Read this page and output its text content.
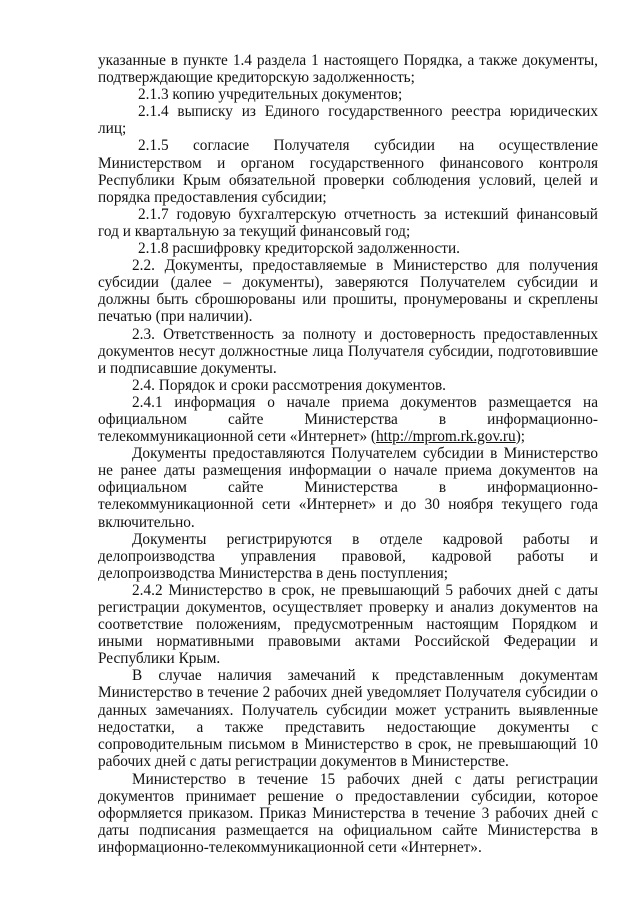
указанные в пункте 1.4 раздела 1 настоящего Порядка, а также документы, подтверждающие кредиторскую задолженность;

2.1.3 копию учредительных документов;

2.1.4 выписку из Единого государственного реестра юридических лиц;

2.1.5 согласие Получателя субсидии на осуществление Министерством и органом государственного финансового контроля Республики Крым обязательной проверки соблюдения условий, целей и порядка предоставления субсидии;

2.1.7 годовую бухгалтерскую отчетность за истекший финансовый год и квартальную за текущий финансовый год;

2.1.8 расшифровку кредиторской задолженности.

2.2. Документы, предоставляемые в Министерство для получения субсидии (далее – документы), заверяются Получателем субсидии и должны быть сброшюрованы или прошиты, пронумерованы и скреплены печатью (при наличии).

2.3. Ответственность за полноту и достоверность предоставленных документов несут должностные лица Получателя субсидии, подготовившие и подписавшие документы.

2.4. Порядок и сроки рассмотрения документов.

2.4.1 информация о начале приема документов размещается на официальном сайте Министерства в информационно-телекоммуникационной сети «Интернет» (http://mprom.rk.gov.ru);

Документы предоставляются Получателем субсидии в Министерство не ранее даты размещения информации о начале приема документов на официальном сайте Министерства в информационно-телекоммуникационной сети «Интернет» и до 30 ноября текущего года включительно.

Документы регистрируются в отделе кадровой работы и делопроизводства управления правовой, кадровой работы и делопроизводства Министерства в день поступления;

2.4.2 Министерство в срок, не превышающий 5 рабочих дней с даты регистрации документов, осуществляет проверку и анализ документов на соответствие положениям, предусмотренным настоящим Порядком и иными нормативными правовыми актами Российской Федерации и Республики Крым.

В случае наличия замечаний к представленным документам Министерство в течение 2 рабочих дней уведомляет Получателя субсидии о данных замечаниях. Получатель субсидии может устранить выявленные недостатки, а также представить недостающие документы с сопроводительным письмом в Министерство в срок, не превышающий 10 рабочих дней с даты регистрации документов в Министерстве.

Министерство в течение 15 рабочих дней с даты регистрации документов принимает решение о предоставлении субсидии, которое оформляется приказом. Приказ Министерства в течение 3 рабочих дней с даты подписания размещается на официальном сайте Министерства в информационно-телекоммуникационной сети «Интернет».
